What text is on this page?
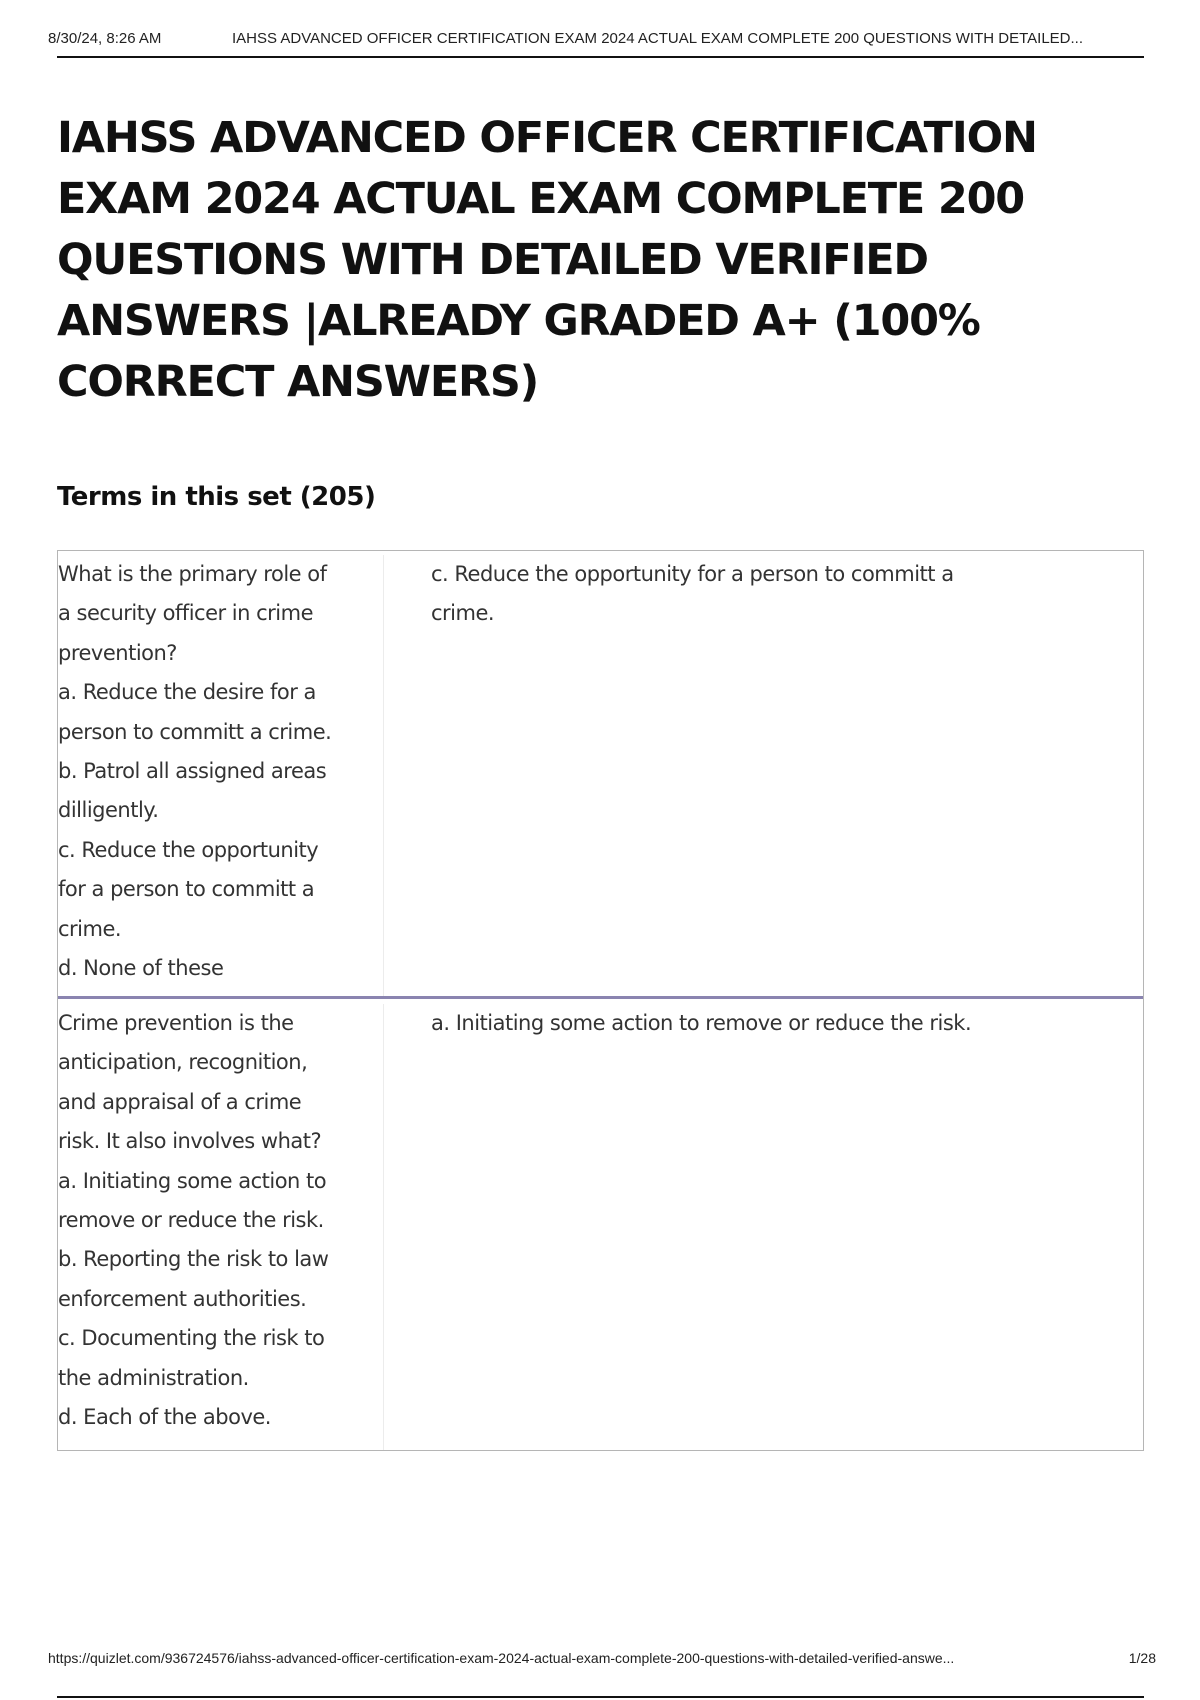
8/30/24, 8:26 AM	IAHSS ADVANCED OFFICER CERTIFICATION EXAM 2024 ACTUAL EXAM COMPLETE 200 QUESTIONS WITH DETAILED...
IAHSS ADVANCED OFFICER CERTIFICATION EXAM 2024 ACTUAL EXAM COMPLETE 200 QUESTIONS WITH DETAILED VERIFIED ANSWERS |ALREADY GRADED A+ (100% CORRECT ANSWERS)
Terms in this set (205)
What is the primary role of
a security officer in crime
prevention?
a. Reduce the desire for a
person to committ a crime.
b. Patrol all assigned areas
dilligently.
c. Reduce the opportunity
for a person to committ a
crime.
d. None of these
c. Reduce the opportunity for a person to committ a
crime.
Crime prevention is the
anticipation, recognition,
and appraisal of a crime
risk. It also involves what?
a. Initiating some action to
remove or reduce the risk.
b. Reporting the risk to law
enforcement authorities.
c. Documenting the risk to
the administration.
d. Each of the above.
a. Initiating some action to remove or reduce the risk.
https://quizlet.com/936724576/iahss-advanced-officer-certification-exam-2024-actual-exam-complete-200-questions-with-detailed-verified-answe...	1/28
